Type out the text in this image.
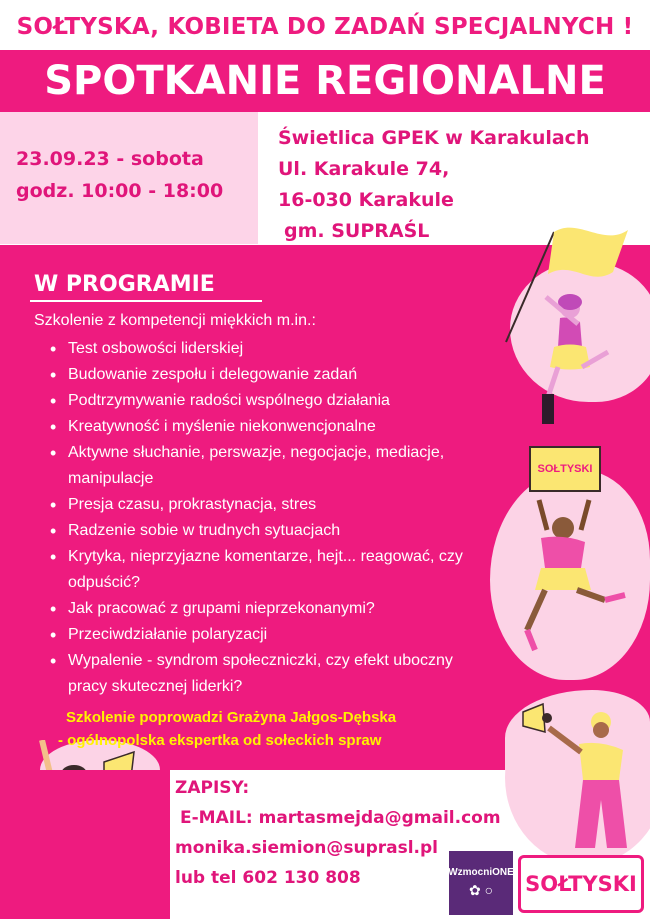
SOŁTYSKA, KOBIETA DO ZADAŃ SPECJALNYCH !
SPOTKANIE REGIONALNE
23.09.23 - sobota
godz. 10:00 - 18:00
Świetlica GPEK w Karakulach
Ul. Karakule 74,
16-030 Karakule
gm. SUPRAŚL
SOŁTYSKI
W PROGRAMIE
Szkolenie z kompetencji miękkich m.in.:
• Test osbowości liderskiej
• Budowanie zespołu i delegowanie zadań
• Podtrzymywanie radości wspólnego działania
• Kreatywność i myślenie niekonwencjonalne
• Aktywne słuchanie, perswazje, negocjacje, mediacje, manipulacje
• Presja czasu, prokrastynacja, stres
• Radzenie sobie w trudnych sytuacjach
• Krytyka, nieprzyjazne komentarze, hejt... reagować, czy odpuścić?
• Jak pracować z grupami nieprzekonanymi?
• Przeciwdziałanie polaryzacji
• Wypalenie - syndrom społeczniczki, czy efekt uboczny pracy skutecznej liderki?
Szkolenie poprowadzi Grażyna Jałgos-Dębska
- ogólnopolska ekspertka od sołeckich spraw
ZAPISY:
E-MAIL: martasmejda@gmail.com
monika.siemion@suprasl.pl
lub tel 602 130 808	WzmocniONE
✿ ○	SOŁTYSKI
